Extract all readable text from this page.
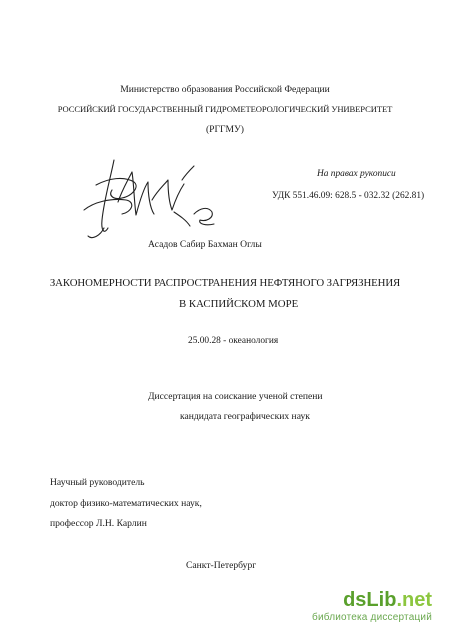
Министерство образования Российской Федерации
РОССИЙСКИЙ ГОСУДАРСТВЕННЫЙ ГИДРОМЕТЕОРОЛОГИЧЕСКИЙ УНИВЕРСИТЕТ
(РГГМУ)
На правах рукописи
УДК 551.46.09: 628.5 - 032.32 (262.81)
Асадов Сабир Бахман Оглы
ЗАКОНОМЕРНОСТИ РАСПРОСТРАНЕНИЯ НЕФТЯНОГО ЗАГРЯЗНЕНИЯ
В КАСПИЙСКОМ МОРЕ
25.00.28 - океанология
Диссертация на соискание ученой степени
кандидата географических наук
Научный руководитель
доктор физико-математических наук,
профессор Л.Н. Карлин
Санкт-Петербург
dsLib.net
библиотека диссертаций
